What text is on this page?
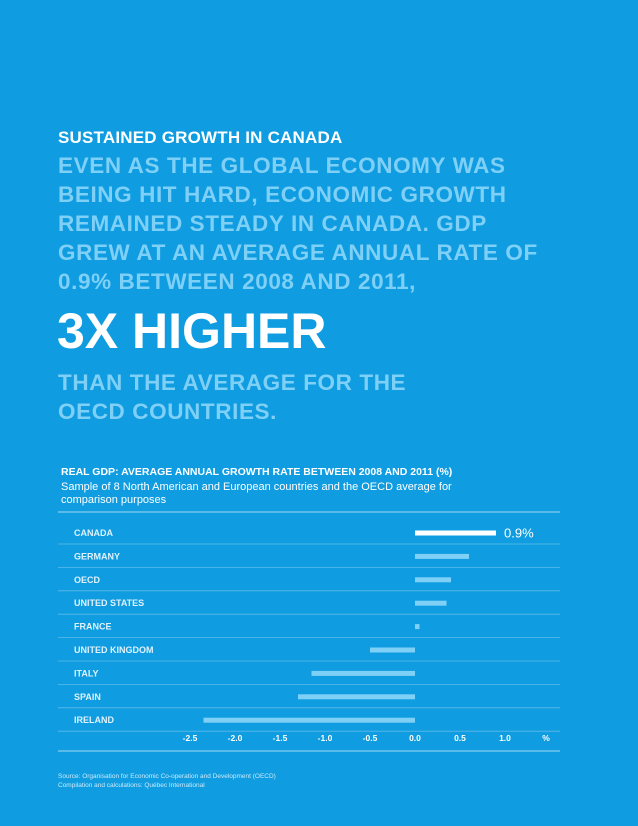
SUSTAINED GROWTH IN CANADA
EVEN AS THE GLOBAL ECONOMY WAS BEING HIT HARD, ECONOMIC GROWTH REMAINED STEADY IN CANADA. GDP GREW AT AN AVERAGE ANNUAL RATE OF 0.9% BETWEEN 2008 AND 2011,
3X HIGHER
THAN THE AVERAGE FOR THE OECD COUNTRIES.

REAL GDP: AVERAGE ANNUAL GROWTH RATE BETWEEN 2008 AND 2011 (%)

Sample of 8 North American and European countries and the OECD average for comparison purposes

CANADA	0.9%
GERMANY
OECD
UNITED STATES
FRANCE
UNITED KINGDOM
ITALY
SPAIN
IRELAND
-2.5	-2.0	-1.5	-1.0	-0.5	0.0	0.5	1.0	%
Source: Organisation for Economic Co-operation and Development (OECD)
Compilation and calculations: Québec International
